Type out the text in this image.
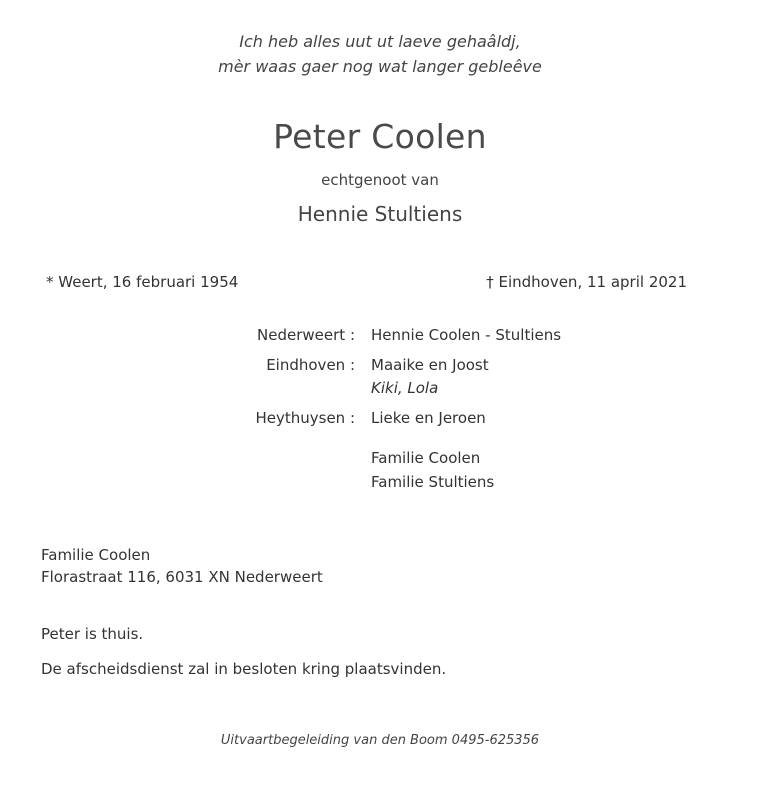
Ich heb alles uut ut laeve gehaâldj,
mèr waas gaer nog wat langer gebleêve
Peter Coolen
echtgenoot van
Hennie Stultiens
* Weert, 16 februari 1954	† Eindhoven, 11 april 2021
Nederweert : Hennie Coolen - Stultiens
Eindhoven : Maaike en Joost
Kiki, Lola
Heythuysen : Lieke en Jeroen
Familie Coolen
Familie Stultiens
Familie Coolen
Florastraat 116, 6031 XN Nederweert
Peter is thuis.
De afscheidsdienst zal in besloten kring plaatsvinden.
Uitvaartbegeleiding van den Boom 0495-625356
